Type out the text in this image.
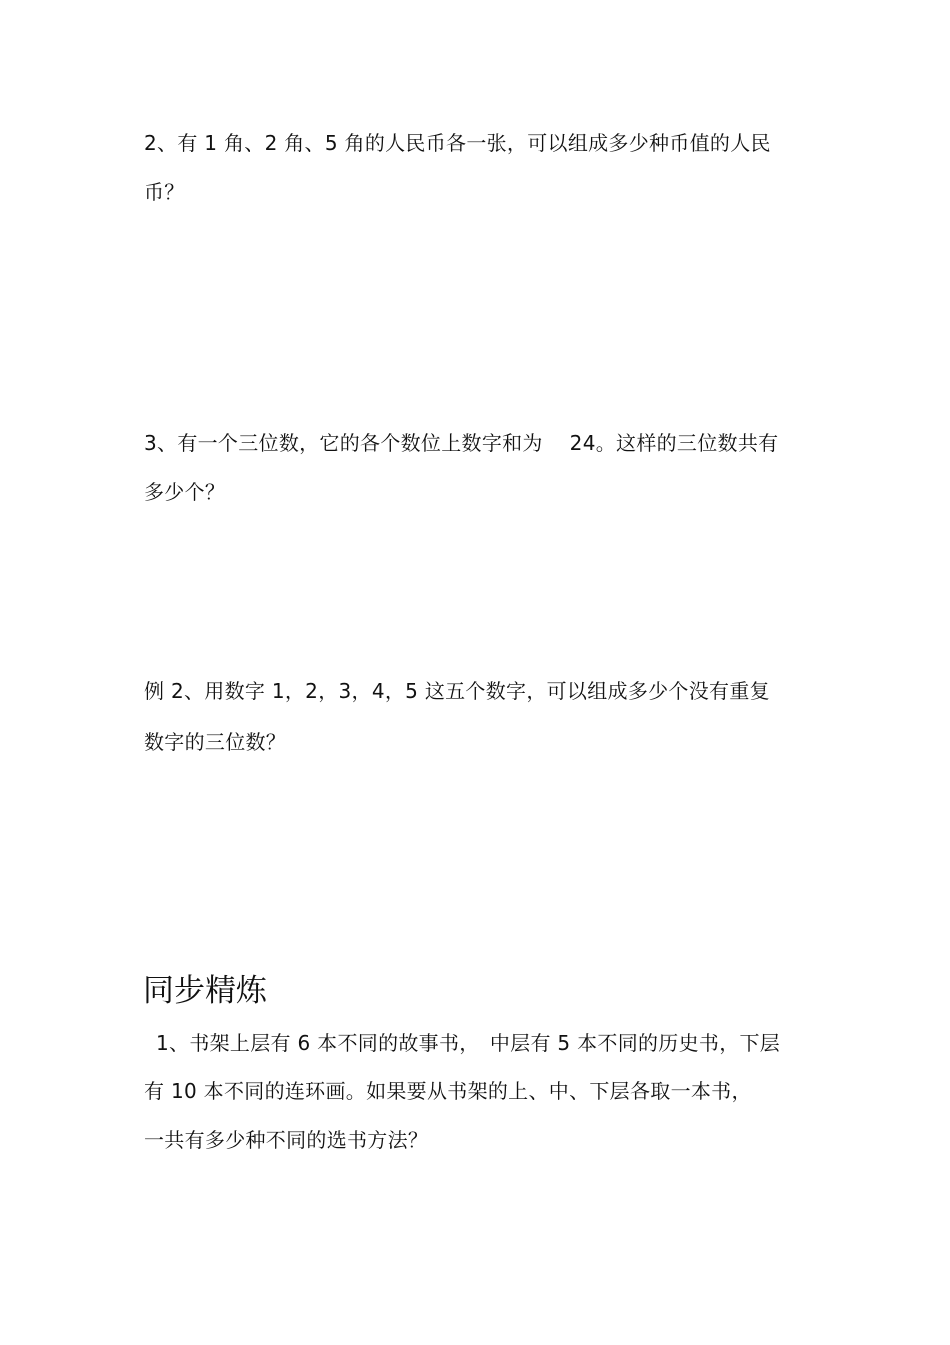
2、有 1 角、2 角、5 角的人民币各一张，可以组成多少种币值的人民
币？
3、有一个三位数，它的各个数位上数字和为　 24。这样的三位数共有
多少个？
例 2、用数字 1，2，3，4，5 这五个数字，可以组成多少个没有重复
数字的三位数？
同步精炼
1、书架上层有 6 本不同的故事书，　中层有 5 本不同的历史书，下层
有 10 本不同的连环画。如果要从书架的上、中、下层各取一本书，
一共有多少种不同的选书方法？
